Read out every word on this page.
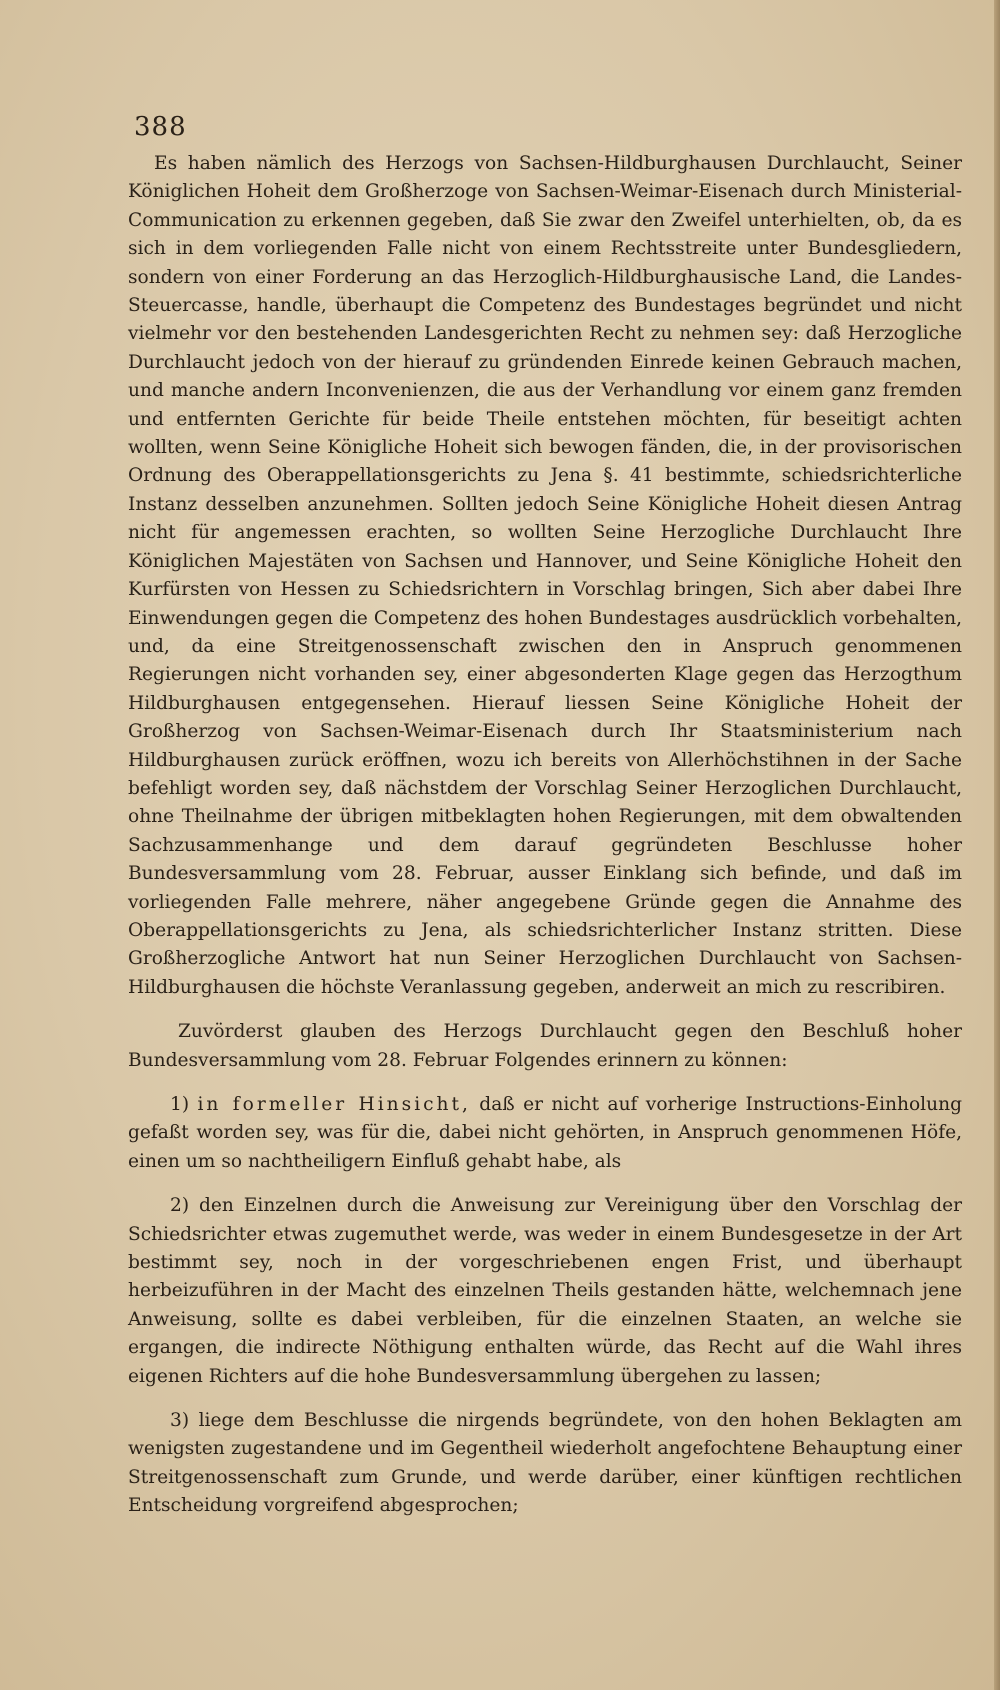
388

Es haben nämlich des Herzogs von Sachsen-Hildburghausen Durchlaucht, Seiner Königlichen Hoheit dem Großherzoge von Sachsen-Weimar-Eisenach durch Ministerial-Communication zu erkennen gegeben, daß Sie zwar den Zweifel unterhielten, ob, da es sich in dem vorliegenden Falle nicht von einem Rechtsstreite unter Bundesgliedern, sondern von einer Forderung an das Herzoglich-Hildburghausische Land, die Landes-Steuercasse, handle, überhaupt die Competenz des Bundestages begründet und nicht vielmehr vor den bestehenden Landesgerichten Recht zu nehmen sey: daß Herzogliche Durchlaucht jedoch von der hierauf zu gründenden Einrede keinen Gebrauch machen, und manche andern Inconvenienzen, die aus der Verhandlung vor einem ganz fremden und entfernten Gerichte für beide Theile entstehen möchten, für beseitigt achten wollten, wenn Seine Königliche Hoheit sich bewogen fänden, die, in der provisorischen Ordnung des Oberappellationsgerichts zu Jena §. 41 bestimmte, schiedsrichterliche Instanz desselben anzunehmen. Sollten jedoch Seine Königliche Hoheit diesen Antrag nicht für angemessen erachten, so wollten Seine Herzogliche Durchlaucht Ihre Königlichen Majestäten von Sachsen und Hannover, und Seine Königliche Hoheit den Kurfürsten von Hessen zu Schiedsrichtern in Vorschlag bringen, Sich aber dabei Ihre Einwendungen gegen die Competenz des hohen Bundestages ausdrücklich vorbehalten, und, da eine Streitgenossenschaft zwischen den in Anspruch genommenen Regierungen nicht vorhanden sey, einer abgesonderten Klage gegen das Herzogthum Hildburghausen entgegensehen. Hierauf liessen Seine Königliche Hoheit der Großherzog von Sachsen-Weimar-Eisenach durch Ihr Staatsministerium nach Hildburghausen zurück eröffnen, wozu ich bereits von Allerhöchstihnen in der Sache befehligt worden sey, daß nächstdem der Vorschlag Seiner Herzoglichen Durchlaucht, ohne Theilnahme der übrigen mitbeklagten hohen Regierungen, mit dem obwaltenden Sachzusammenhange und dem darauf gegründeten Beschlusse hoher Bundesversammlung vom 28. Februar, ausser Einklang sich befinde, und daß im vorliegenden Falle mehrere, näher angegebene Gründe gegen die Annahme des Oberappellationsgerichts zu Jena, als schiedsrichterlicher Instanz stritten. Diese Großherzogliche Antwort hat nun Seiner Herzoglichen Durchlaucht von Sachsen-Hildburghausen die höchste Veranlassung gegeben, anderweit an mich zu rescribiren.

Zuvörderst glauben des Herzogs Durchlaucht gegen den Beschluß hoher Bundesversammlung vom 28. Februar Folgendes erinnern zu können:

1) in formeller Hinsicht, daß er nicht auf vorherige Instructions-Einholung gefaßt worden sey, was für die, dabei nicht gehörten, in Anspruch genommenen Höfe, einen um so nachtheiligern Einfluß gehabt habe, als

2) den Einzelnen durch die Anweisung zur Vereinigung über den Vorschlag der Schiedsrichter etwas zugemuthet werde, was weder in einem Bundesgesetze in der Art bestimmt sey, noch in der vorgeschriebenen engen Frist, und überhaupt herbeizuführen in der Macht des einzelnen Theils gestanden hätte, welchemnach jene Anweisung, sollte es dabei verbleiben, für die einzelnen Staaten, an welche sie ergangen, die indirecte Nöthigung enthalten würde, das Recht auf die Wahl ihres eigenen Richters auf die hohe Bundesversammlung übergehen zu lassen;

3) liege dem Beschlusse die nirgends begründete, von den hohen Beklagten am wenigsten zugestandene und im Gegentheil wiederholt angefochtene Behauptung einer Streitgenossenschaft zum Grunde, und werde darüber, einer künftigen rechtlichen Entscheidung vorgreifend abgesprochen;
